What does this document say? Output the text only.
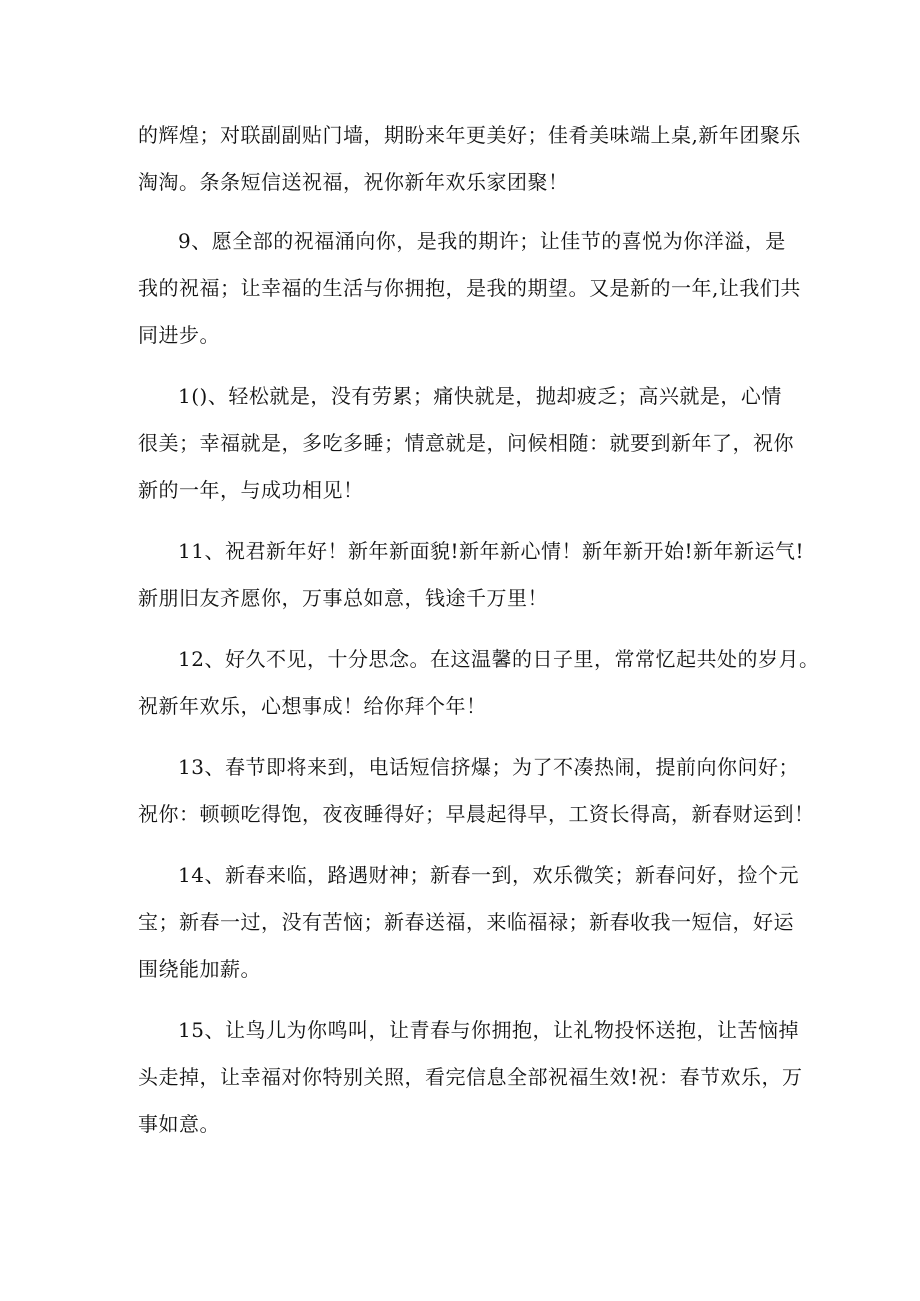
的辉煌；对联副副贴门墙，期盼来年更美好；佳肴美味端上桌,新年团聚乐
淘淘。条条短信送祝福，祝你新年欢乐家团聚！

9、愿全部的祝福涌向你，是我的期许；让佳节的喜悦为你洋溢，是
我的祝福；让幸福的生活与你拥抱，是我的期望。又是新的一年,让我们共
同进步。

1()、轻松就是，没有劳累；痛快就是，抛却疲乏；高兴就是，心情
很美；幸福就是，多吃多睡；情意就是，问候相随：就要到新年了，祝你
新的一年，与成功相见！

11、祝君新年好！新年新面貌!新年新心情！新年新开始!新年新运气!
新朋旧友齐愿你，万事总如意，钱途千万里！

12、好久不见，十分思念。在这温馨的日子里，常常忆起共处的岁月。
祝新年欢乐，心想事成！给你拜个年！

13、春节即将来到，电话短信挤爆；为了不凑热闹，提前向你问好；
祝你：顿顿吃得饱，夜夜睡得好；早晨起得早，工资长得高，新春财运到！

14、新春来临，路遇财神；新春一到，欢乐微笑；新春问好，捡个元
宝；新春一过，没有苦恼；新春送福，来临福禄；新春收我一短信，好运
围绕能加薪。

15、让鸟儿为你鸣叫，让青春与你拥抱，让礼物投怀送抱，让苦恼掉
头走掉，让幸福对你特别关照，看完信息全部祝福生效!祝：春节欢乐，万
事如意。
